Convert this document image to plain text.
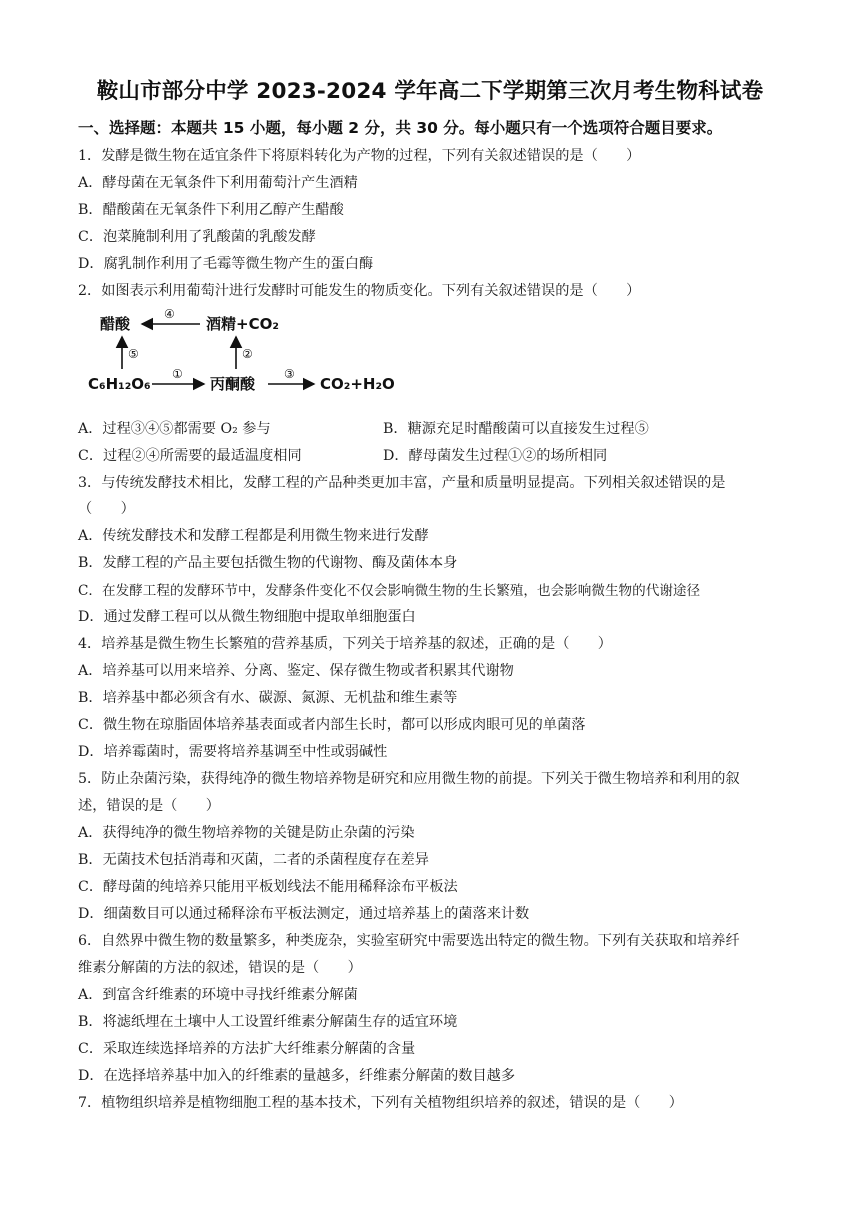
鞍山市部分中学 2023-2024 学年高二下学期第三次月考生物科试卷
一、选择题：本题共 15 小题，每小题 2 分，共 30 分。每小题只有一个选项符合题目要求。
1．发酵是微生物在适宜条件下将原料转化为产物的过程，下列有关叙述错误的是（　　）
A．酵母菌在无氧条件下利用葡萄汁产生酒精
B．醋酸菌在无氧条件下利用乙醇产生醋酸
C．泡菜腌制利用了乳酸菌的乳酸发酵
D．腐乳制作利用了毛霉等微生物产生的蛋白酶
2．如图表示利用葡萄汁进行发酵时可能发生的物质变化。下列有关叙述错误的是（　　）
醋酸	酒精+CO₂
④
C₆H₁₂O₆	丙酮酸	CO₂+H₂O
⑤
①
②
③
A．过程③④⑤都需要 O₂ 参与	B．糖源充足时醋酸菌可以直接发生过程⑤
C．过程②④所需要的最适温度相同	D．酵母菌发生过程①②的场所相同
3．与传统发酵技术相比，发酵工程的产品种类更加丰富，产量和质量明显提高。下列相关叙述错误的是
（　　）
A．传统发酵技术和发酵工程都是利用微生物来进行发酵
B．发酵工程的产品主要包括微生物的代谢物、酶及菌体本身
C．在发酵工程的发酵环节中，发酵条件变化不仅会影响微生物的生长繁殖，也会影响微生物的代谢途径
D．通过发酵工程可以从微生物细胞中提取单细胞蛋白
4．培养基是微生物生长繁殖的营养基质，下列关于培养基的叙述，正确的是（　　）
A．培养基可以用来培养、分离、鉴定、保存微生物或者积累其代谢物
B．培养基中都必须含有水、碳源、氮源、无机盐和维生素等
C．微生物在琼脂固体培养基表面或者内部生长时，都可以形成肉眼可见的单菌落
D．培养霉菌时，需要将培养基调至中性或弱碱性
5．防止杂菌污染，获得纯净的微生物培养物是研究和应用微生物的前提。下列关于微生物培养和利用的叙
述，错误的是（　　）
A．获得纯净的微生物培养物的关键是防止杂菌的污染
B．无菌技术包括消毒和灭菌，二者的杀菌程度存在差异
C．酵母菌的纯培养只能用平板划线法不能用稀释涂布平板法
D．细菌数目可以通过稀释涂布平板法测定，通过培养基上的菌落来计数
6．自然界中微生物的数量繁多，种类庞杂，实验室研究中需要选出特定的微生物。下列有关获取和培养纤
维素分解菌的方法的叙述，错误的是（　　）
A．到富含纤维素的环境中寻找纤维素分解菌
B．将滤纸埋在土壤中人工设置纤维素分解菌生存的适宜环境
C．采取连续选择培养的方法扩大纤维素分解菌的含量
D．在选择培养基中加入的纤维素的量越多，纤维素分解菌的数目越多
7．植物组织培养是植物细胞工程的基本技术，下列有关植物组织培养的叙述，错误的是（　　）
